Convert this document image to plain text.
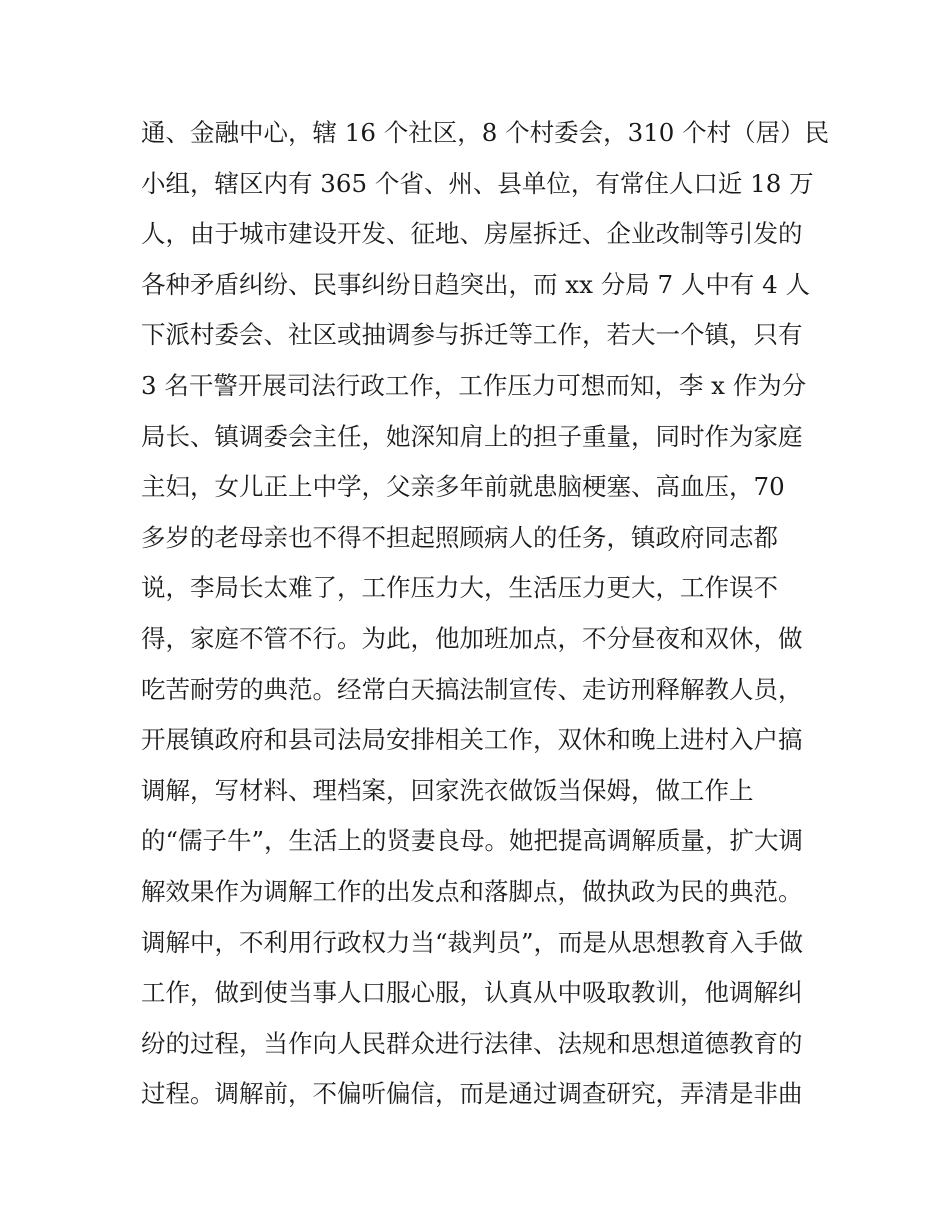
通、金融中心，辖 16 个社区，8 个村委会，310 个村（居）民
小组，辖区内有 365 个省、州、县单位，有常住人口近 18 万
人，由于城市建设开发、征地、房屋拆迁、企业改制等引发的
各种矛盾纠纷、民事纠纷日趋突出，而 xx 分局 7 人中有 4 人
下派村委会、社区或抽调参与拆迁等工作，若大一个镇，只有
3 名干警开展司法行政工作，工作压力可想而知，李 x 作为分
局长、镇调委会主任，她深知肩上的担子重量，同时作为家庭
主妇，女儿正上中学，父亲多年前就患脑梗塞、高血压，70
多岁的老母亲也不得不担起照顾病人的任务，镇政府同志都
说，李局长太难了，工作压力大，生活压力更大，工作误不
得，家庭不管不行。为此，他加班加点，不分昼夜和双休，做
吃苦耐劳的典范。经常白天搞法制宣传、走访刑释解教人员，
开展镇政府和县司法局安排相关工作，双休和晚上进村入户搞
调解，写材料、理档案，回家洗衣做饭当保姆，做工作上
的“儒子牛”，生活上的贤妻良母。她把提高调解质量，扩大调
解效果作为调解工作的出发点和落脚点，做执政为民的典范。
调解中，不利用行政权力当“裁判员”，而是从思想教育入手做
工作，做到使当事人口服心服，认真从中吸取教训，他调解纠
纷的过程，当作向人民群众进行法律、法规和思想道德教育的
过程。调解前，不偏听偏信，而是通过调查研究，弄清是非曲
